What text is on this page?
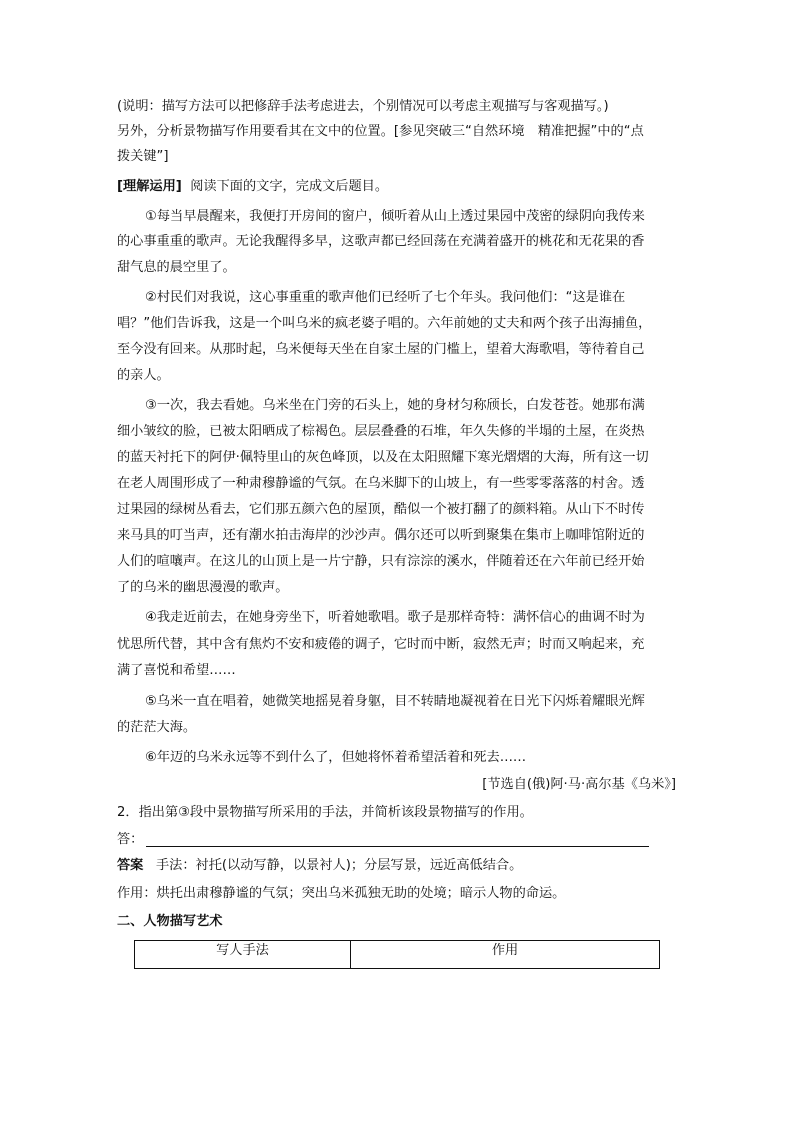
(说明：描写方法可以把修辞手法考虑进去，个别情况可以考虑主观描写与客观描写。)
另外，分析景物描写作用要看其在文中的位置。[参见突破三“自然环境　精准把握”中的“点
拨关键”]
[理解运用] 阅读下面的文字，完成文后题目。
①每当早晨醒来，我便打开房间的窗户，倾听着从山上透过果园中茂密的绿阴向我传来
的心事重重的歌声。无论我醒得多早，这歌声都已经回荡在充满着盛开的桃花和无花果的香
甜气息的晨空里了。
②村民们对我说，这心事重重的歌声他们已经听了七个年头。我问他们：“这是谁在
唱？”他们告诉我，这是一个叫乌米的疯老婆子唱的。六年前她的丈夫和两个孩子出海捕鱼，
至今没有回来。从那时起，乌米便每天坐在自家土屋的门槛上，望着大海歌唱，等待着自己
的亲人。
③一次，我去看她。乌米坐在门旁的石头上，她的身材匀称颀长，白发苍苍。她那布满
细小皱纹的脸，已被太阳晒成了棕褐色。层层叠叠的石堆，年久失修的半塌的土屋，在炎热
的蓝天衬托下的阿伊·佩特里山的灰色峰顶，以及在太阳照耀下寒光熠熠的大海，所有这一切
在老人周围形成了一种肃穆静谧的气氛。在乌米脚下的山坡上，有一些零零落落的村舍。透
过果园的绿树丛看去，它们那五颜六色的屋顶，酷似一个被打翻了的颜料箱。从山下不时传
来马具的叮当声，还有潮水拍击海岸的沙沙声。偶尔还可以听到聚集在集市上咖啡馆附近的
人们的喧嚷声。在这儿的山顶上是一片宁静，只有淙淙的溪水，伴随着还在六年前已经开始
了的乌米的幽思漫漫的歌声。
④我走近前去，在她身旁坐下，听着她歌唱。歌子是那样奇特：满怀信心的曲调不时为
忧思所代替，其中含有焦灼不安和疲倦的调子，它时而中断，寂然无声；时而又响起来，充
满了喜悦和希望……
⑤乌米一直在唱着，她微笑地摇晃着身躯，目不转睛地凝视着在日光下闪烁着耀眼光辉
的茫茫大海。
⑥年迈的乌米永远等不到什么了，但她将怀着希望活着和死去……
[节选自(俄)阿·马·高尔基《乌米》]
2．指出第③段中景物描写所采用的手法，并简析该段景物描写的作用。
答：
答案 手法：衬托(以动写静，以景衬人)；分层写景，远近高低结合。
作用：烘托出肃穆静谧的气氛；突出乌米孤独无助的处境；暗示人物的命运。
二、人物描写艺术
写人手法	作用
